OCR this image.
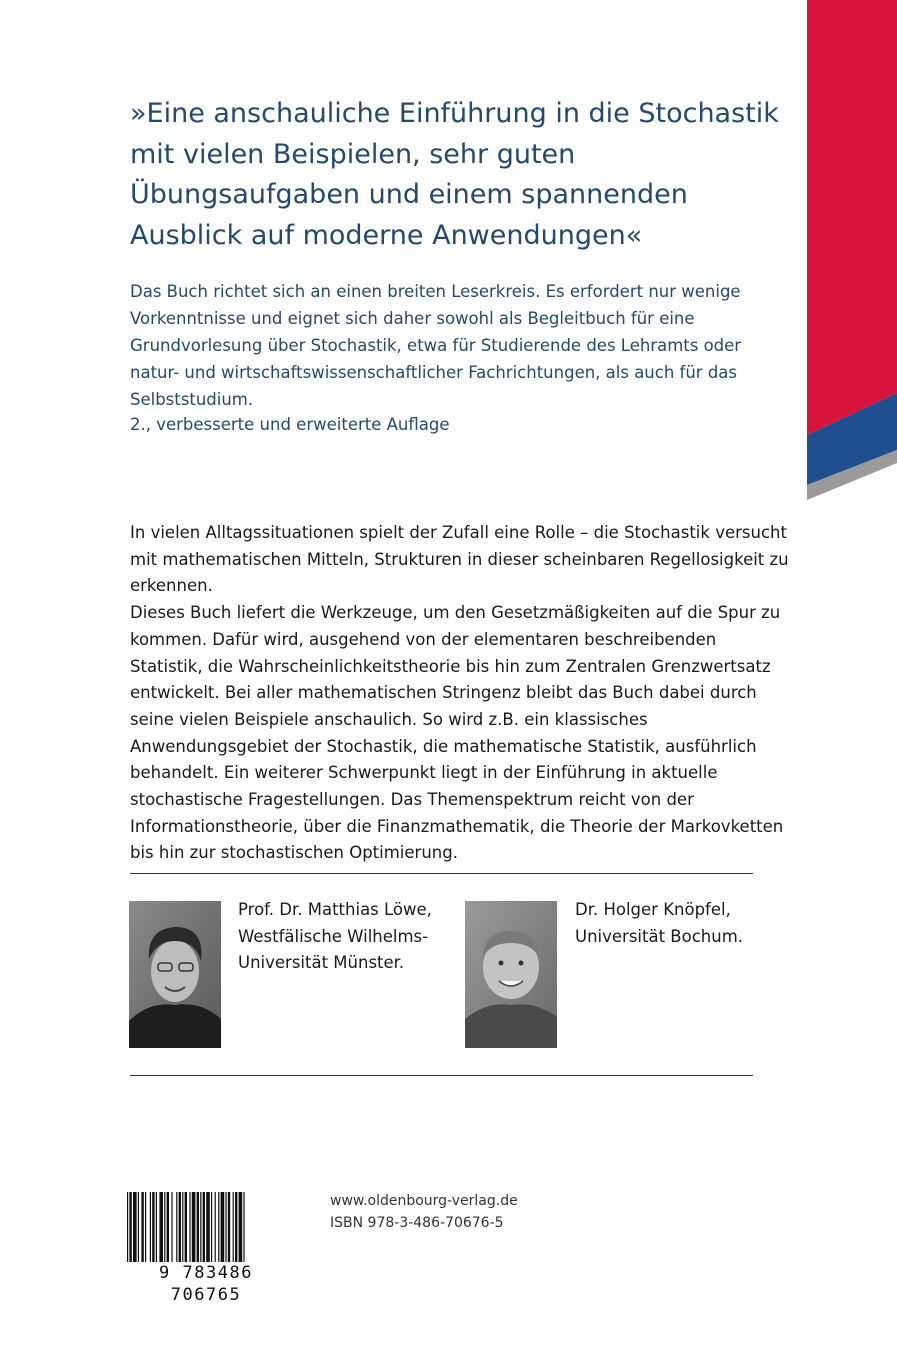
»Eine anschauliche Einführung in die Stochastik mit vielen Beispielen, sehr guten Übungsaufgaben und einem spannenden Ausblick auf moderne Anwendungen«

Das Buch richtet sich an einen breiten Leserkreis. Es erfordert nur wenige Vorkenntnisse und eignet sich daher sowohl als Begleitbuch für eine Grundvorlesung über Stochastik, etwa für Studierende des Lehramts oder natur- und wirtschaftswissenschaftlicher Fachrichtungen, als auch für das Selbststudium.

2., verbesserte und erweiterte Auflage

In vielen Alltagssituationen spielt der Zufall eine Rolle – die Stochastik versucht mit mathematischen Mitteln, Strukturen in dieser scheinbaren Regellosigkeit zu erkennen.

Dieses Buch liefert die Werkzeuge, um den Gesetzmäßigkeiten auf die Spur zu kommen. Dafür wird, ausgehend von der elementaren beschreibenden Statistik, die Wahrscheinlichkeitstheorie bis hin zum Zentralen Grenzwertsatz entwickelt. Bei aller mathematischen Stringenz bleibt das Buch dabei durch seine vielen Beispiele anschaulich. So wird z.B. ein klassisches Anwendungsgebiet der Stochastik, die mathematische Statistik, ausführlich behandelt. Ein weiterer Schwerpunkt liegt in der Einführung in aktuelle stochastische Fragestellungen. Das Themenspektrum reicht von der Informationstheorie, über die Finanzmathematik, die Theorie der Markovketten bis hin zur stochastischen Optimierung.

Prof. Dr. Matthias Löwe,
Westfälische Wilhelms-
Universität Münster.
Dr. Holger Knöpfel,
Universität Bochum.
9 783486 706765
www.oldenbourg-verlag.de
ISBN 978-3-486-70676-5
